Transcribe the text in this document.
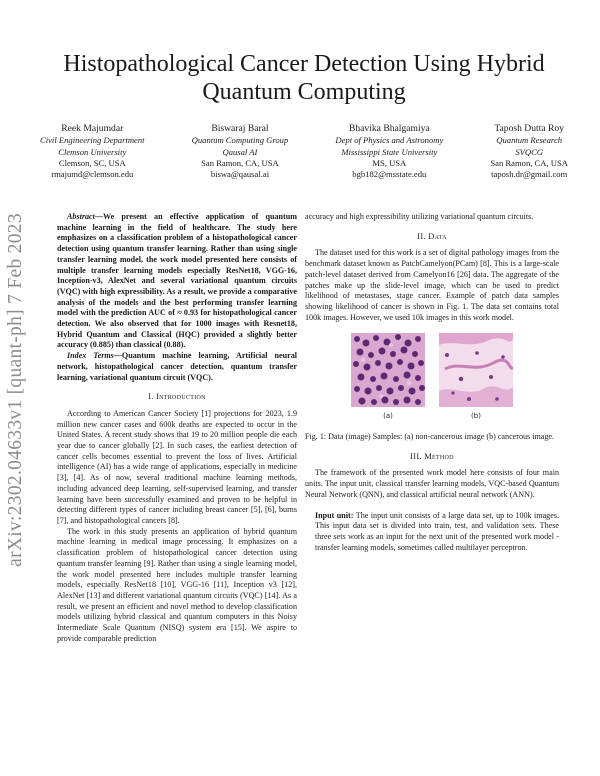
arXiv:2302.04633v1 [quant-ph] 7 Feb 2023
Histopathological Cancer Detection Using Hybrid Quantum Computing
Reek Majumdar
Civil Engineering Department
Clemson University
Clemson, SC, USA
rmajumd@clemson.edu
Biswaraj Baral
Quantum Computing Group
Qausal AI
San Ramon, CA, USA
biswa@qausal.ai
Bhavika Bhalgamiya
Dept of Physics and Astronomy
Mississippi State University
MS, USA
bgb182@msstate.edu
Taposh Dutta Roy
Quantum Research
SVQCG
San Ramon, CA, USA
taposh.dr@gmail.com

Abstract—We present an effective application of quantum machine learning in the field of healthcare. The study here emphasizes on a classification problem of a histopathological cancer detection using quantum transfer learning. Rather than using single transfer learning model, the work model presented here consists of multiple transfer learning models especially ResNet18, VGG-16, Inception-v3, AlexNet and several variational quantum circuits (VQC) with high expressibility. As a result, we provide a comparative analysis of the models and the best performing transfer learning model with the prediction AUC of ≈ 0.93 for histopathological cancer detection. We also observed that for 1000 images with Resnet18, Hybrid Quantum and Classical (HQC) provided a slightly better accuracy (0.885) than classical (0.88).

Index Terms—Quantum machine learning, Artificial neural network, histopathological cancer detection, quantum transfer learning, variational quantum circuit (VQC).

I. Introduction

According to American Cancer Society [1] projections for 2023, 1.9 million new cancer cases and 600k deaths are expected to occur in the United States. A recent study shows that 19 to 20 million people die each year due to cancer globally [2]. In such cases, the earliest detection of cancer cells becomes essential to prevent the loss of lives. Artificial intelligence (AI) has a wide range of applications, especially in medicine [3], [4]. As of now, several traditional machine learning methods, including advanced deep learning, self-supervised learning, and transfer learning have been successfully examined and proven to be helpful in detecting different types of cancer including breast cancer [5], [6], burns [7], and histopathological cancers [8].

The work in this study presents an application of hybrid quantum machine learning in medical image processing. It emphasizes on a classification problem of histopathological cancer detection using quantum transfer learning [9]. Rather than using a single learning model, the work model presented here includes multiple transfer learning models, especially ResNet18 [10], VGG-16 [11], Inception v3 [12], AlexNet [13] and different variational quantum circuits (VQC) [14]. As a result, we present an efficient and novel method to develop classification models utilizing hybrid classical and quantum computers in this Noisy Intermediate Scale Quantum (NISQ) system era [15]. We aspire to provide comparable prediction

accuracy and high expressibility utilizing variational quantum circuits.

II. Data

The dataset used for this work is a set of digital pathology images from the benchmark dataset known as PatchCamelyon(PCam) [8]. This is a large-scale patch-level dataset derived from Camelyon16 [26] data. The aggregate of the patches make up the slide-level image, which can be used to predict likelihood of metastases, stage cancer. Example of patch data samples showing likelihood of cancer is shown in Fig. 1. The data set contains total 100k images. However, we used 10k images in this work model.

(a)	(b)

Fig. 1: Data (image) Samples: (a) non-cancerous image (b) cancerous image.

III. Method

The framework of the presented work model here consists of four main units. The input unit, classical transfer learning models, VQC-based Quantum Neural Network (QNN), and classical artificial neural network (ANN).

Input unit: The input unit consists of a large data set, up to 100k images. This input data set is divided into train, test, and validation sets. These three sets work as an input for the next unit of the presented work model - transfer learning models, sometimes called multilayer perceptron.
